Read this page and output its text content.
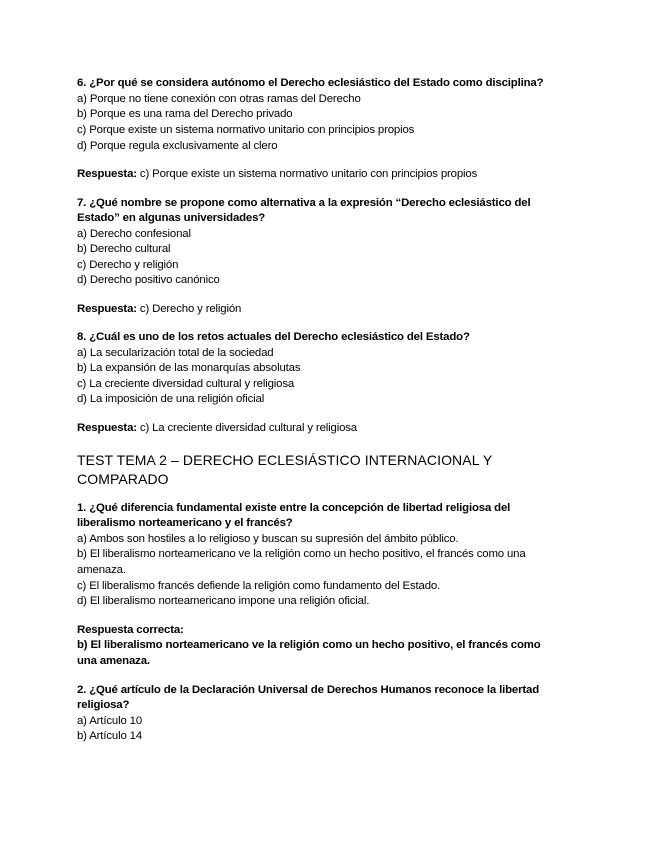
6. ¿Por qué se considera autónomo el Derecho eclesiástico del Estado como disciplina?
a) Porque no tiene conexión con otras ramas del Derecho
b) Porque es una rama del Derecho privado
c) Porque existe un sistema normativo unitario con principios propios
d) Porque regula exclusivamente al clero
Respuesta: c) Porque existe un sistema normativo unitario con principios propios
7. ¿Qué nombre se propone como alternativa a la expresión “Derecho eclesiástico del
Estado” en algunas universidades?
a) Derecho confesional
b) Derecho cultural
c) Derecho y religión
d) Derecho positivo canónico
Respuesta: c) Derecho y religión
8. ¿Cuál es uno de los retos actuales del Derecho eclesiástico del Estado?
a) La secularización total de la sociedad
b) La expansión de las monarquías absolutas
c) La creciente diversidad cultural y religiosa
d) La imposición de una religión oficial
Respuesta: c) La creciente diversidad cultural y religiosa
TEST TEMA 2 – DERECHO ECLESIÁSTICO INTERNACIONAL Y
COMPARADO
1. ¿Qué diferencia fundamental existe entre la concepción de libertad religiosa del
liberalismo norteamericano y el francés?
a) Ambos son hostiles a lo religioso y buscan su supresión del ámbito público.
b) El liberalismo norteamericano ve la religión como un hecho positivo, el francés como una
amenaza.
c) El liberalismo francés defiende la religión como fundamento del Estado.
d) El liberalismo norteamericano impone una religión oficial.
Respuesta correcta:
b) El liberalismo norteamericano ve la religión como un hecho positivo, el francés como
una amenaza.
2. ¿Qué artículo de la Declaración Universal de Derechos Humanos reconoce la libertad
religiosa?
a) Artículo 10
b) Artículo 14
